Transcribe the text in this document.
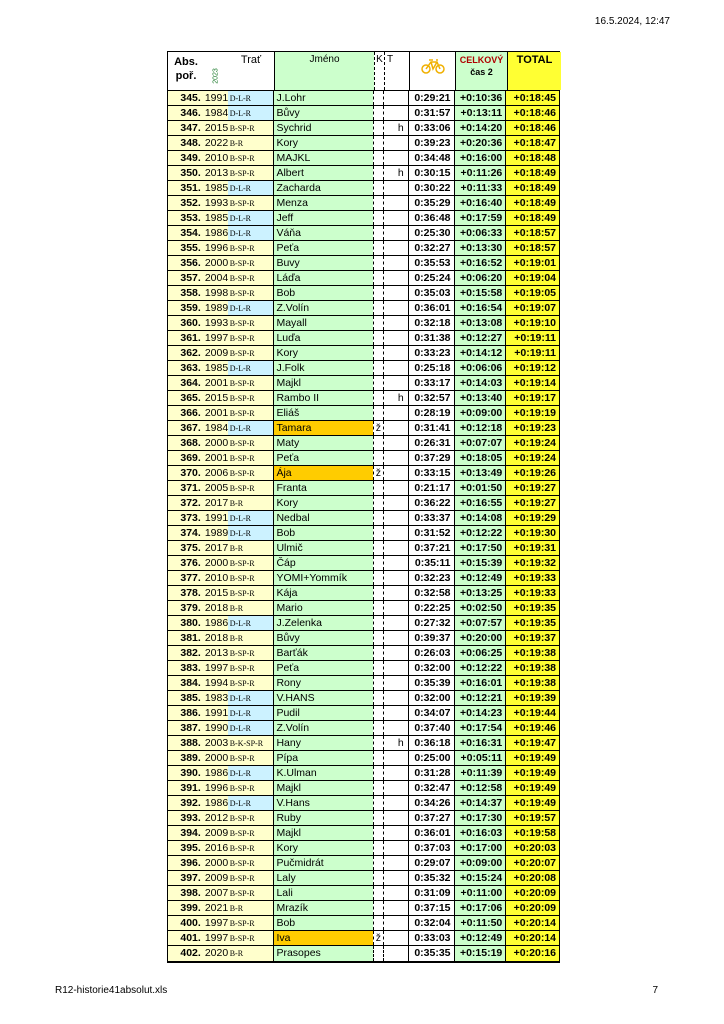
16.5.2024, 12:47
Abs. poř.	2023
Trať	Jméno	K T	CELKOVÝ
čas 2
TOTAL
345. 1991 D-L-R	J.Lohr	0:29:21 +0:10:36	+0:18:45
346. 1984 D-L-R	Bůvy	0:31:57 +0:13:11	+0:18:46
347. 2015 B-SP-R	Sychrid	h	0:33:06 +0:14:20	+0:18:46
348. 2022 B-R	Kory	0:39:23 +0:20:36	+0:18:47
349. 2010 B-SP-R	MAJKL	0:34:48 +0:16:00	+0:18:48
350. 2013 B-SP-R	Albert	h	0:30:15 +0:11:26	+0:18:49
351. 1985 D-L-R	Zacharda	0:30:22 +0:11:33	+0:18:49
352. 1993 B-SP-R	Menza	0:35:29 +0:16:40	+0:18:49
353. 1985 D-L-R	Jeff	0:36:48 +0:17:59	+0:18:49
354. 1986 D-L-R	Váňa	0:25:30 +0:06:33	+0:18:57
355. 1996 B-SP-R	Peťa	0:32:27 +0:13:30	+0:18:57
356. 2000 B-SP-R	Buvy	0:35:53 +0:16:52	+0:19:01
357. 2004 B-SP-R	Láďa	0:25:24 +0:06:20	+0:19:04
358. 1998 B-SP-R	Bob	0:35:03 +0:15:58	+0:19:05
359. 1989 D-L-R	Z.Volín	0:36:01 +0:16:54	+0:19:07
360. 1993 B-SP-R	Mayall	0:32:18 +0:13:08	+0:19:10
361. 1997 B-SP-R	Luďa	0:31:38 +0:12:27	+0:19:11
362. 2009 B-SP-R	Kory	0:33:23 +0:14:12	+0:19:11
363. 1985 D-L-R	J.Folk	0:25:18 +0:06:06	+0:19:12
364. 2001 B-SP-R	Majkl	0:33:17 +0:14:03	+0:19:14
365. 2015 B-SP-R	Rambo II	h	0:32:57 +0:13:40	+0:19:17
366. 2001 B-SP-R	Eliáš	0:28:19 +0:09:00	+0:19:19
367. 1984 D-L-R	Tamara	ž	0:31:41 +0:12:18	+0:19:23
368. 2000 B-SP-R	Maty	0:26:31 +0:07:07	+0:19:24
369. 2001 B-SP-R	Peťa	0:37:29 +0:18:05	+0:19:24
370. 2006 B-SP-R	Ája	ž	0:33:15 +0:13:49	+0:19:26
371. 2005 B-SP-R	Franta	0:21:17 +0:01:50	+0:19:27
372. 2017 B-R	Kory	0:36:22 +0:16:55	+0:19:27
373. 1991 D-L-R	Nedbal	0:33:37 +0:14:08	+0:19:29
374. 1989 D-L-R	Bob	0:31:52 +0:12:22	+0:19:30
375. 2017 B-R	Ulmič	0:37:21 +0:17:50	+0:19:31
376. 2000 B-SP-R	Čáp	0:35:11 +0:15:39	+0:19:32
377. 2010 B-SP-R	YOMI+Yommík	0:32:23 +0:12:49	+0:19:33
378. 2015 B-SP-R	Kája	0:32:58 +0:13:25	+0:19:33
379. 2018 B-R	Mario	0:22:25 +0:02:50	+0:19:35
380. 1986 D-L-R	J.Zelenka	0:27:32 +0:07:57	+0:19:35
381. 2018 B-R	Bůvy	0:39:37 +0:20:00	+0:19:37
382. 2013 B-SP-R	Barťák	0:26:03 +0:06:25	+0:19:38
383. 1997 B-SP-R	Peťa	0:32:00 +0:12:22	+0:19:38
384. 1994 B-SP-R	Rony	0:35:39 +0:16:01	+0:19:38
385. 1983 D-L-R	V.HANS	0:32:00 +0:12:21	+0:19:39
386. 1991 D-L-R	Pudil	0:34:07 +0:14:23	+0:19:44
387. 1990 D-L-R	Z.Volín	0:37:40 +0:17:54	+0:19:46
388. 2003 B-K-SP-R	Hany	h	0:36:18 +0:16:31	+0:19:47
389. 2000 B-SP-R	Pípa	0:25:00 +0:05:11	+0:19:49
390. 1986 D-L-R	K.Ulman	0:31:28 +0:11:39	+0:19:49
391. 1996 B-SP-R	Majkl	0:32:47 +0:12:58	+0:19:49
392. 1986 D-L-R	V.Hans	0:34:26 +0:14:37	+0:19:49
393. 2012 B-SP-R	Ruby	0:37:27 +0:17:30	+0:19:57
394. 2009 B-SP-R	Majkl	0:36:01 +0:16:03	+0:19:58
395. 2016 B-SP-R	Kory	0:37:03 +0:17:00	+0:20:03
396. 2000 B-SP-R	Pučmidrát	0:29:07 +0:09:00	+0:20:07
397. 2009 B-SP-R	Laly	0:35:32 +0:15:24	+0:20:08
398. 2007 B-SP-R	Lali	0:31:09 +0:11:00	+0:20:09
399. 2021 B-R	Mrazík	0:37:15 +0:17:06	+0:20:09
400. 1997 B-SP-R	Bob	0:32:04 +0:11:50	+0:20:14
401. 1997 B-SP-R	Iva	ž	0:33:03 +0:12:49	+0:20:14
402. 2020 B-R	Prasopes	0:35:35 +0:15:19	+0:20:16
R12-historie41absolut.xls	7
